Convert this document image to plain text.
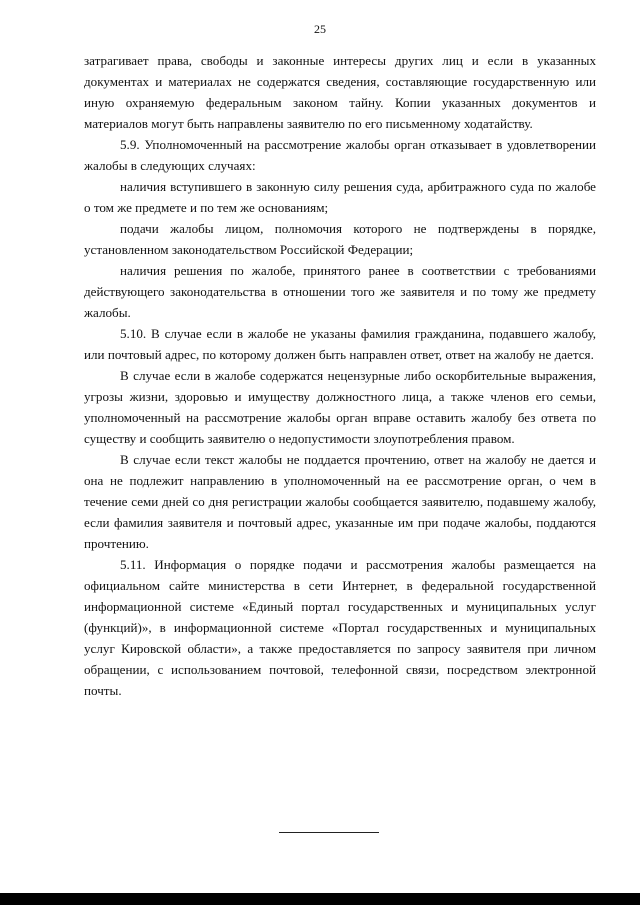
25

затрагивает права, свободы и законные интересы других лиц и если в указанных документах и материалах не содержатся сведения, составляющие государственную или иную охраняемую федеральным законом тайну. Копии указанных документов и материалов могут быть направлены заявителю по его письменному ходатайству.

5.9. Уполномоченный на рассмотрение жалобы орган отказывает в удовлетворении жалобы в следующих случаях:

наличия вступившего в законную силу решения суда, арбитражного суда по жалобе о том же предмете и по тем же основаниям;

подачи жалобы лицом, полномочия которого не подтверждены в порядке, установленном законодательством Российской Федерации;

наличия решения по жалобе, принятого ранее в соответствии с требованиями действующего законодательства в отношении того же заявителя и по тому же предмету жалобы.

5.10. В случае если в жалобе не указаны фамилия гражданина, подавшего жалобу, или почтовый адрес, по которому должен быть направлен ответ, ответ на жалобу не дается.

В случае если в жалобе содержатся нецензурные либо оскорбительные выражения, угрозы жизни, здоровью и имуществу должностного лица, а также членов его семьи, уполномоченный на рассмотрение жалобы орган вправе оставить жалобу без ответа по существу и сообщить заявителю о недопустимости злоупотребления правом.

В случае если текст жалобы не поддается прочтению, ответ на жалобу не дается и она не подлежит направлению в уполномоченный на ее рассмотрение орган, о чем в течение семи дней со дня регистрации жалобы сообщается заявителю, подавшему жалобу, если фамилия заявителя и почтовый адрес, указанные им при подаче жалобы, поддаются прочтению.

5.11. Информация о порядке подачи и рассмотрения жалобы размещается на официальном сайте министерства в сети Интернет, в федеральной государственной информационной системе «Единый портал государственных и муниципальных услуг (функций)», в информационной системе «Портал государственных и муниципальных услуг Кировской области», а также предоставляется по запросу заявителя при личном обращении, с использованием почтовой, телефонной связи, посредством электронной почты.
